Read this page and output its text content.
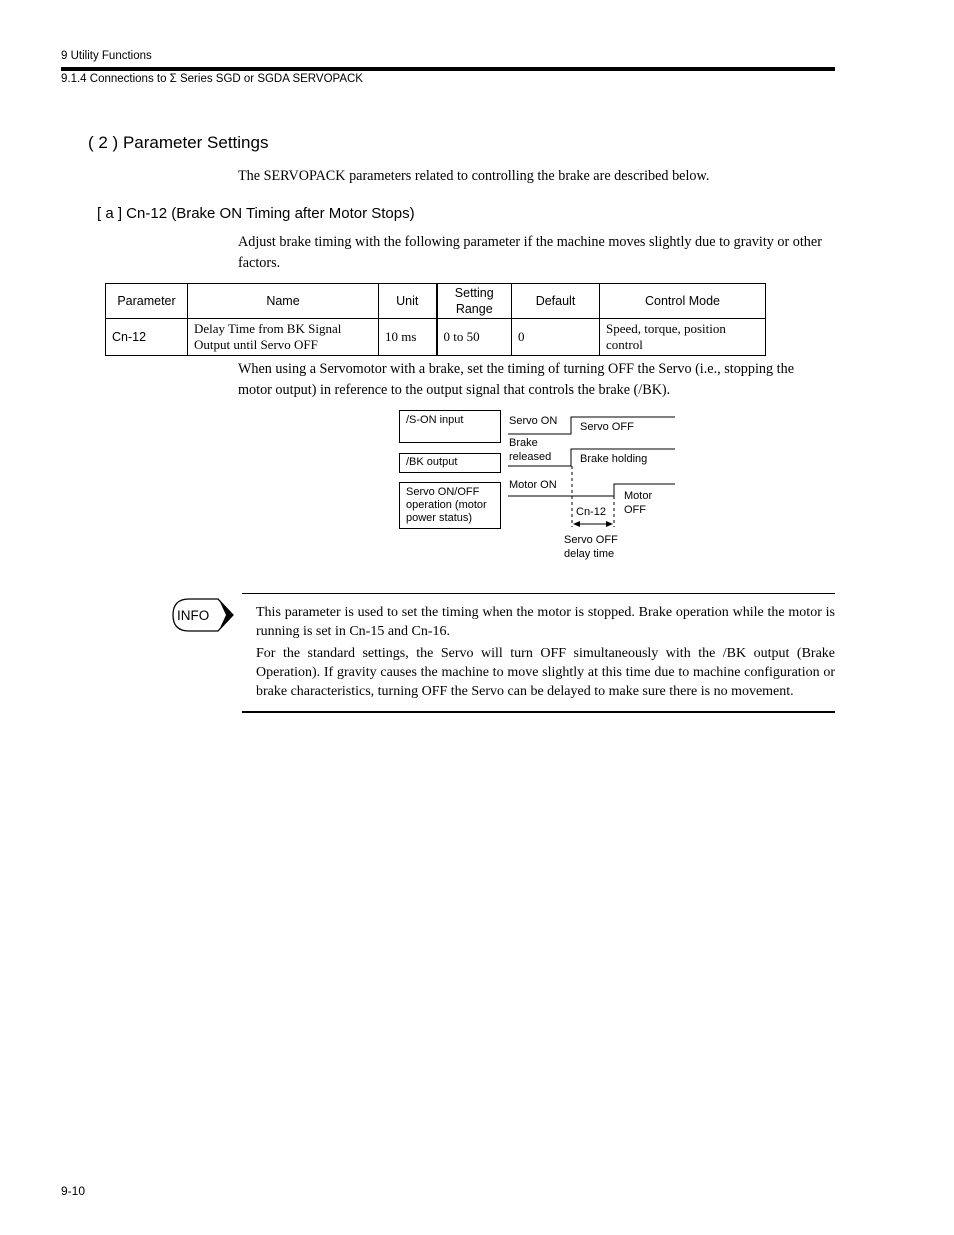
9 Utility Functions
9.1.4 Connections to Σ Series SGD or SGDA SERVOPACK
( 2 ) Parameter Settings
The SERVOPACK parameters related to controlling the brake are described below.
[ a ] Cn-12 (Brake ON Timing after Motor Stops)
Adjust brake timing with the following parameter if the machine moves slightly due to gravity or other factors.
Parameter	Name	Unit	Setting Range	Default	Control Mode
Cn-12	Delay Time from BK Signal Output until Servo OFF	10 ms	0 to 50	0	Speed, torque, position control
When using a Servomotor with a brake, set the timing of turning OFF the Servo (i.e., stopping the motor output) in reference to the output signal that controls the brake (/BK).
/S-ON input
/BK output
Servo ON/OFF operation (motor power status)
Servo ON Servo OFF
Brake released	Brake holding
Motor ON
Motor OFF
Cn-12
Servo OFF delay time
INFO	This parameter is used to set the timing when the motor is stopped. Brake operation while the motor is running is set in Cn-15 and Cn-16.

For the standard settings, the Servo will turn OFF simultaneously with the /BK output (Brake Operation). If gravity causes the machine to move slightly at this time due to machine configuration or brake characteristics, turning OFF the Servo can be delayed to make sure there is no movement.

9-10
